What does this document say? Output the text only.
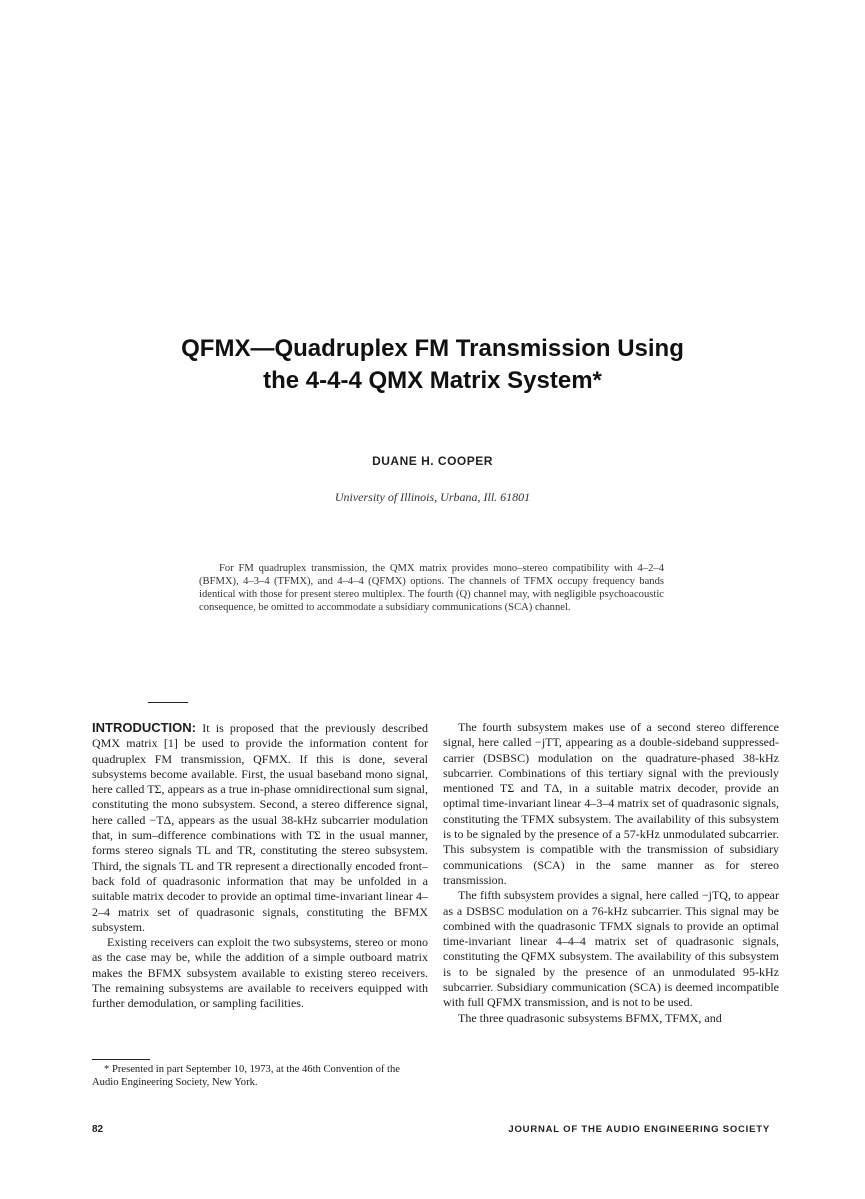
QFMX—Quadruplex FM Transmission Using
the 4-4-4 QMX Matrix System*
DUANE H. COOPER
University of Illinois, Urbana, Ill. 61801
For FM quadruplex transmission, the QMX matrix provides mono–stereo compatibility with 4–2–4 (BFMX), 4–3–4 (TFMX), and 4–4–4 (QFMX) options. The channels of TFMX occupy frequency bands identical with those for present stereo multiplex. The fourth (Q) channel may, with negligible psychoacoustic consequence, be omitted to accommodate a subsidiary communications (SCA) channel.

INTRODUCTION: It is proposed that the previously described QMX matrix [1] be used to provide the information content for quadruplex FM transmission, QFMX. If this is done, several subsystems become available. First, the usual baseband mono signal, here called TΣ, appears as a true in-phase omnidirectional sum signal, constituting the mono subsystem. Second, a stereo difference signal, here called −TΔ, appears as the usual 38-kHz subcarrier modulation that, in sum–difference combinations with TΣ in the usual manner, forms stereo signals TL and TR, constituting the stereo subsystem. Third, the signals TL and TR represent a directionally encoded front–back fold of quadrasonic information that may be unfolded in a suitable matrix decoder to provide an optimal time-invariant linear 4–2–4 matrix set of quadrasonic signals, constituting the BFMX subsystem.

Existing receivers can exploit the two subsystems, stereo or mono as the case may be, while the addition of a simple outboard matrix makes the BFMX subsystem available to existing stereo receivers. The remaining subsystems are available to receivers equipped with further demodulation, or sampling facilities.

* Presented in part September 10, 1973, at the 46th Convention of the Audio Engineering Society, New York.

The fourth subsystem makes use of a second stereo difference signal, here called −jTT, appearing as a double-sideband suppressed-carrier (DSBSC) modulation on the quadrature-phased 38-kHz subcarrier. Combinations of this tertiary signal with the previously mentioned TΣ and TΔ, in a suitable matrix decoder, provide an optimal time-invariant linear 4–3–4 matrix set of quadrasonic signals, constituting the TFMX subsystem. The availability of this subsystem is to be signaled by the presence of a 57-kHz unmodulated subcarrier. This subsystem is compatible with the transmission of subsidiary communications (SCA) in the same manner as for stereo transmission.

The fifth subsystem provides a signal, here called −jTQ, to appear as a DSBSC modulation on a 76-kHz subcarrier. This signal may be combined with the quadrasonic TFMX signals to provide an optimal time-invariant linear 4–4–4 matrix set of quadrasonic signals, constituting the QFMX subsystem. The availability of this subsystem is to be signaled by the presence of an unmodulated 95-kHz subcarrier. Subsidiary communication (SCA) is deemed incompatible with full QFMX transmission, and is not to be used.

The three quadrasonic subsystems BFMX, TFMX, and

82	JOURNAL OF THE AUDIO ENGINEERING SOCIETY
